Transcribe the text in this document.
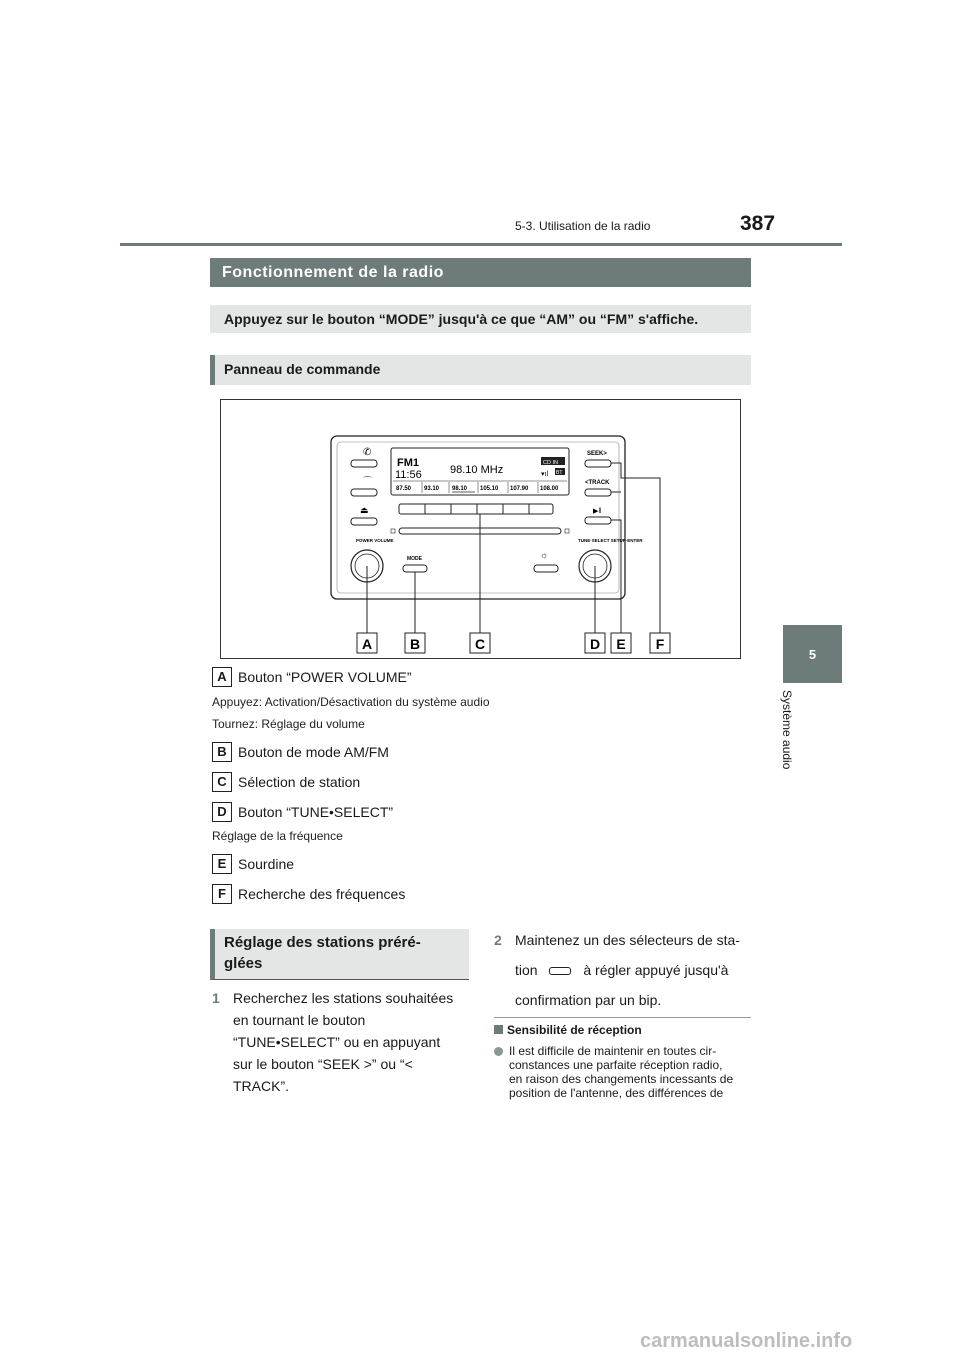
5-3. Utilisation de la radio	387
5
Système audio
Fonctionnement de la radio
Appuyez sur le bouton “MODE” jusqu'à ce que “AM” ou “FM” s'affiche.
Panneau de commande
✆
⌒
⏏
FM1
11:56	98.10 MHz
CD IN
BT
▾ıl
87.50 93.10 98.10 105.10 107.90 108.00
SEEK>
<TRACK
▶‖
POWER VOLUME	TUNE·SELECT SETUP·ENTER
MODE	☼
A	B	C	D E F
A Bouton “POWER VOLUME”
Appuyez: Activation/Désactivation du système audio
Tournez: Réglage du volume
B Bouton de mode AM/FM
C Sélection de station
D Bouton “TUNE•SELECT”
Réglage de la fréquence
E Sourdine
F Recherche des fréquences
Réglage des stations préré-
glées
1 Recherchez les stations souhaitées
en tournant le bouton
“TUNE•SELECT” ou en appuyant
sur le bouton “SEEK >” ou “<
TRACK”.
2 Maintenez un des sélecteurs de sta-
tion	à régler appuyé jusqu'à
confirmation par un bip.
Sensibilité de réception
Il est difficile de maintenir en toutes cir-
constances une parfaite réception radio,
en raison des changements incessants de
position de l'antenne, des différences de
carmanualsonline.info
